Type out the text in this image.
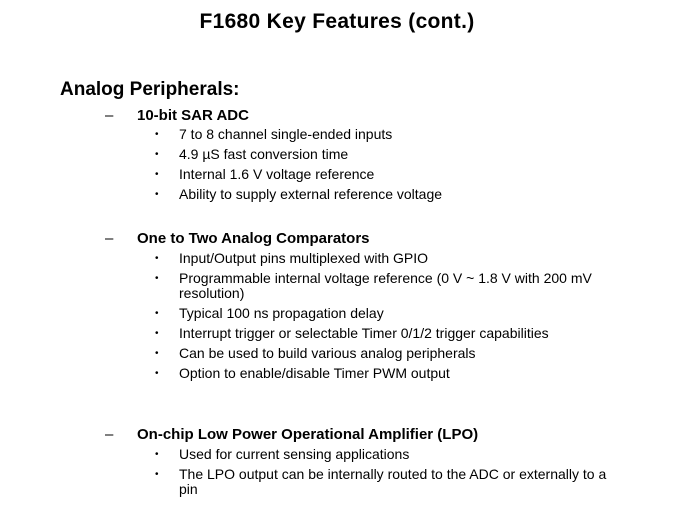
F1680 Key Features (cont.)
Analog Peripherals:
– 10-bit SAR ADC
• 7 to 8 channel single-ended inputs
• 4.9 µS fast conversion time
• Internal 1.6 V voltage reference
• Ability to supply external reference voltage
– One to Two Analog Comparators
• Input/Output pins multiplexed with GPIO
• Programmable internal voltage reference (0 V ~ 1.8 V with 200 mV resolution)
• Typical 100 ns propagation delay
• Interrupt trigger or selectable Timer 0/1/2 trigger capabilities
• Can be used to build various analog peripherals
• Option to enable/disable Timer PWM output
– On-chip Low Power Operational Amplifier (LPO)
• Used for current sensing applications
• The LPO output can be internally routed to the ADC or externally to a pin
